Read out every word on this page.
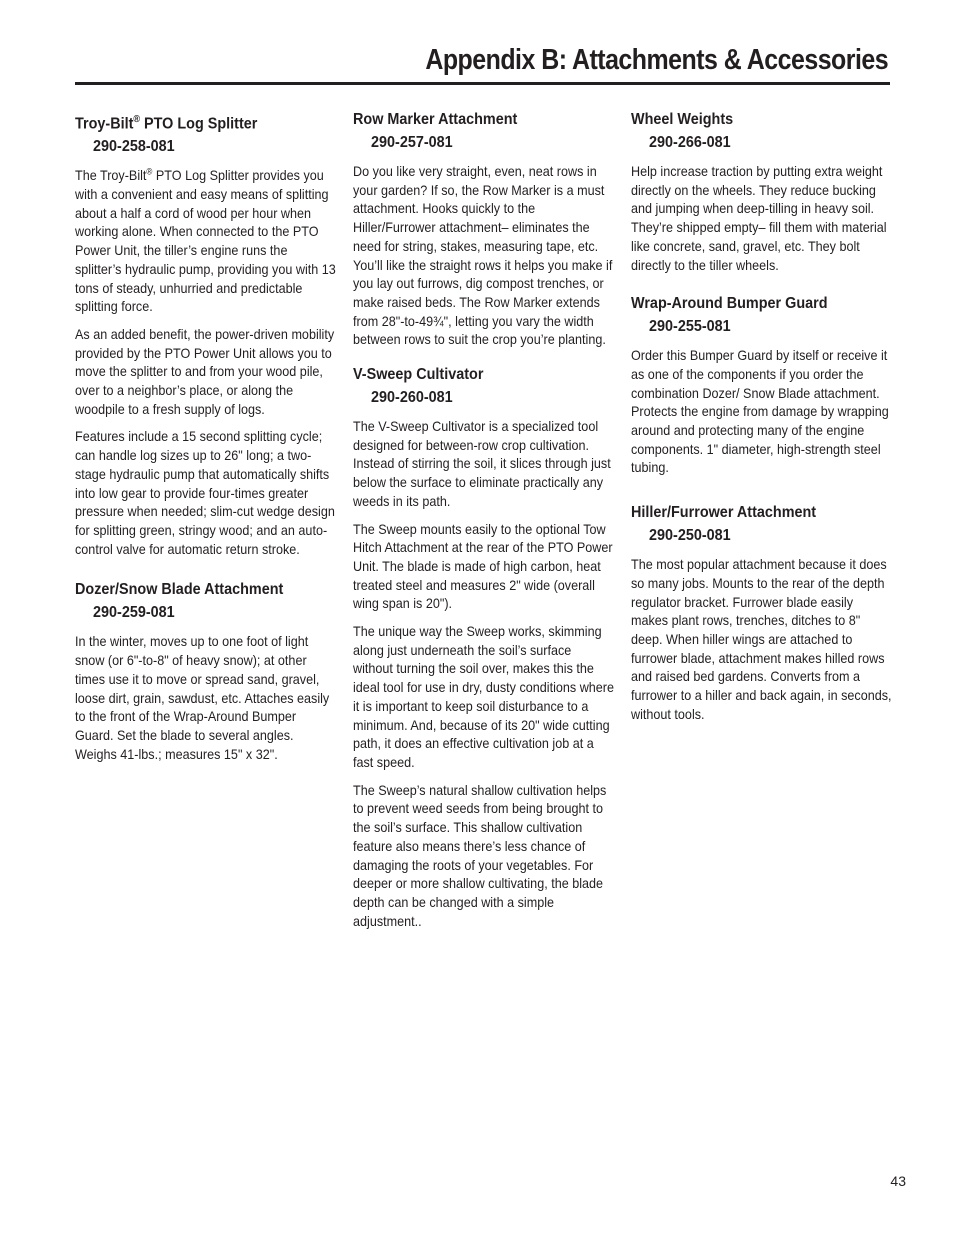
Appendix B: Attachments & Accessories
Troy-Bilt® PTO Log Splitter
290-258-081

The Troy-Bilt® PTO Log Splitter provides you with a convenient and easy means of splitting about a half a cord of wood per hour when working alone. When connected to the PTO Power Unit, the tiller’s engine runs the splitter’s hydraulic pump, providing you with 13 tons of steady, unhurried and predictable splitting force.

As an added benefit, the power-driven mobility provided by the PTO Power Unit allows you to move the splitter to and from your wood pile, over to a neighbor’s place, or along the woodpile to a fresh supply of logs.

Features include a 15 second splitting cycle; can handle log sizes up to 26" long; a two-stage hydraulic pump that automatically shifts into low gear to provide four-times greater pressure when needed; slim-cut wedge design for splitting green, stringy wood; and an auto-control valve for automatic return stroke.

Dozer/Snow Blade Attachment
290-259-081

In the winter, moves up to one foot of light snow (or 6"-to-8" of heavy snow); at other times use it to move or spread sand, gravel, loose dirt, grain, sawdust, etc. Attaches easily to the front of the Wrap-Around Bumper Guard. Set the blade to several angles. Weighs 41-lbs.; measures 15" x 32".

Row Marker Attachment
290-257-081

Do you like very straight, even, neat rows in your garden? If so, the Row Marker is a must attachment. Hooks quickly to the Hiller/Furrower attachment– eliminates the need for string, stakes, measuring tape, etc. You’ll like the straight rows it helps you make if you lay out furrows, dig compost trenches, or make raised beds. The Row Marker extends from 28"-to-49¾", letting you vary the width between rows to suit the crop you’re planting.

V-Sweep Cultivator
290-260-081

The V-Sweep Cultivator is a specialized tool designed for between-row crop cultivation. Instead of stirring the soil, it slices through just below the surface to eliminate practically any weeds in its path.

The Sweep mounts easily to the optional Tow Hitch Attachment at the rear of the PTO Power Unit. The blade is made of high carbon, heat treated steel and measures 2" wide (overall wing span is 20").

The unique way the Sweep works, skimming along just underneath the soil’s surface without turning the soil over, makes this the ideal tool for use in dry, dusty conditions where it is important to keep soil disturbance to a minimum. And, because of its 20" wide cutting path, it does an effective cultivation job at a fast speed.

The Sweep’s natural shallow cultivation helps to prevent weed seeds from being brought to the soil’s surface. This shallow cultivation feature also means there’s less chance of damaging the roots of your vegetables. For deeper or more shallow cultivating, the blade depth can be changed with a simple adjustment..

Wheel Weights
290-266-081

Help increase traction by putting extra weight directly on the wheels. They reduce bucking and jumping when deep-tilling in heavy soil. They’re shipped empty– fill them with material like concrete, sand, gravel, etc. They bolt directly to the tiller wheels.

Wrap-Around Bumper Guard
290-255-081

Order this Bumper Guard by itself or receive it as one of the components if you order the combination Dozer/ Snow Blade attachment. Protects the engine from damage by wrapping around and protecting many of the engine components. 1" diameter, high-strength steel tubing.

Hiller/Furrower Attachment
290-250-081

The most popular attachment because it does so many jobs. Mounts to the rear of the depth regulator bracket. Furrower blade easily makes plant rows, trenches, ditches to 8" deep. When hiller wings are attached to furrower blade, attachment makes hilled rows and raised bed gardens. Converts from a furrower to a hiller and back again, in seconds, without tools.

43
